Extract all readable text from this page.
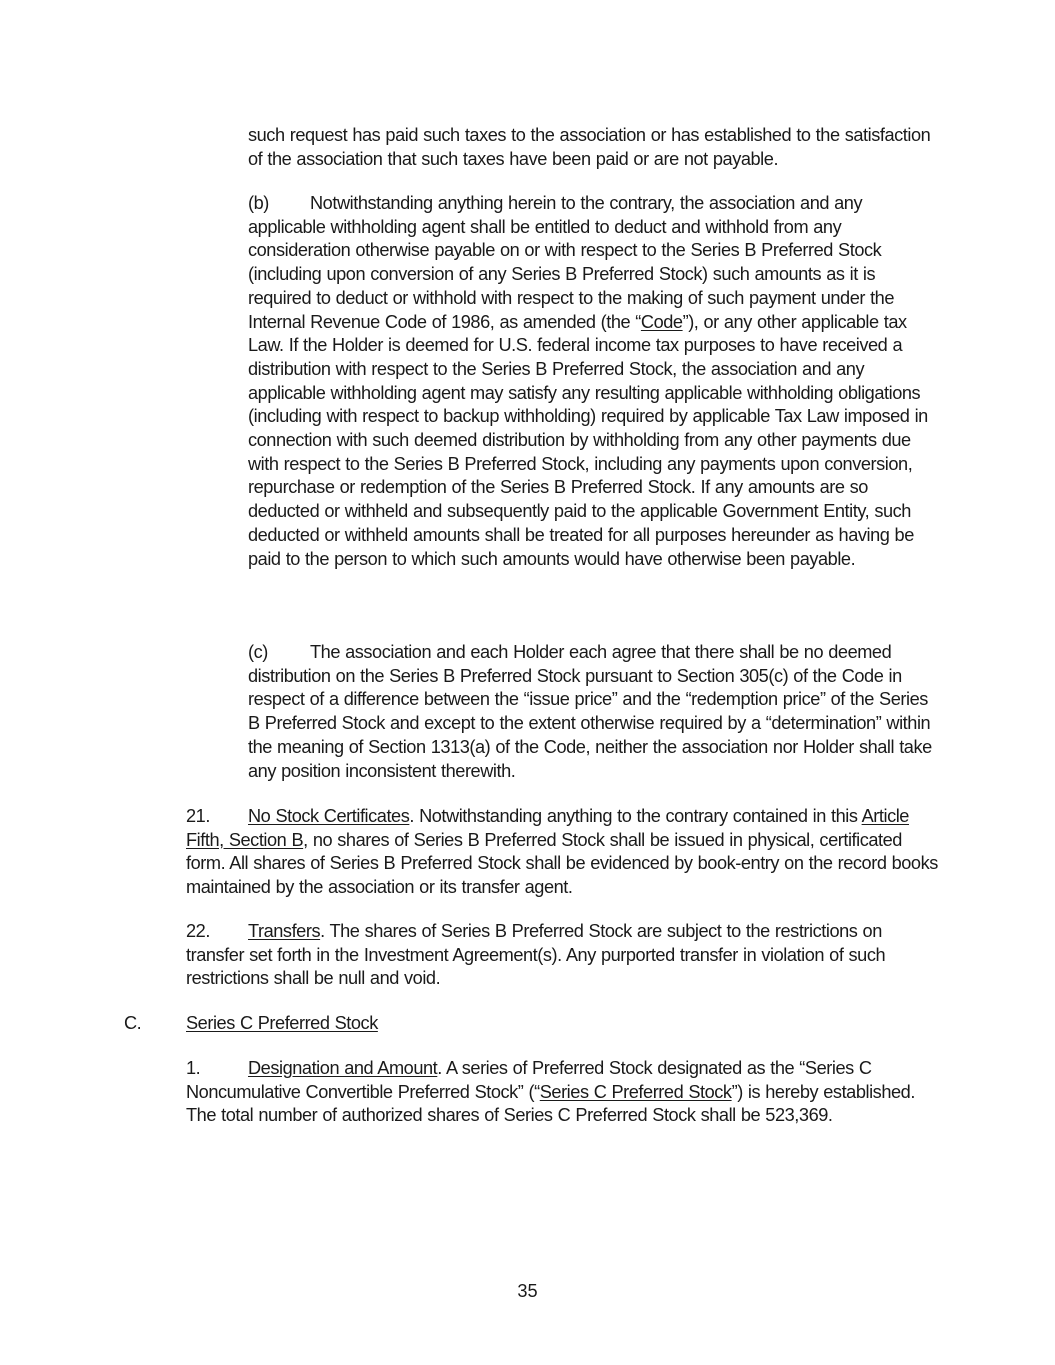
such request has paid such taxes to the association or has established to the satisfaction of the association that such taxes have been paid or are not payable.

(b) Notwithstanding anything herein to the contrary, the association and any applicable withholding agent shall be entitled to deduct and withhold from any consideration otherwise payable on or with respect to the Series B Preferred Stock (including upon conversion of any Series B Preferred Stock) such amounts as it is required to deduct or withhold with respect to the making of such payment under the Internal Revenue Code of 1986, as amended (the “Code”), or any other applicable tax Law. If the Holder is deemed for U.S. federal income tax purposes to have received a distribution with respect to the Series B Preferred Stock, the association and any applicable withholding agent may satisfy any resulting applicable withholding obligations (including with respect to backup withholding) required by applicable Tax Law imposed in connection with such deemed distribution by withholding from any other payments due with respect to the Series B Preferred Stock, including any payments upon conversion, repurchase or redemption of the Series B Preferred Stock. If any amounts are so deducted or withheld and subsequently paid to the applicable Government Entity, such deducted or withheld amounts shall be treated for all purposes hereunder as having be paid to the person to which such amounts would have otherwise been payable.

(c) The association and each Holder each agree that there shall be no deemed distribution on the Series B Preferred Stock pursuant to Section 305(c) of the Code in respect of a difference between the “issue price” and the “redemption price” of the Series B Preferred Stock and except to the extent otherwise required by a “determination” within the meaning of Section 1313(a) of the Code, neither the association nor Holder shall take any position inconsistent therewith.

21. No Stock Certificates. Notwithstanding anything to the contrary contained in this Article Fifth, Section B, no shares of Series B Preferred Stock shall be issued in physical, certificated form. All shares of Series B Preferred Stock shall be evidenced by book-entry on the record books maintained by the association or its transfer agent.

22. Transfers. The shares of Series B Preferred Stock are subject to the restrictions on transfer set forth in the Investment Agreement(s). Any purported transfer in violation of such restrictions shall be null and void.

C. Series C Preferred Stock

1.	Designation and Amount. A series of Preferred Stock designated as the “Series C Noncumulative Convertible Preferred Stock” (“Series C Preferred Stock”) is hereby established. The total number of authorized shares of Series C Preferred Stock shall be 523,369.

35
